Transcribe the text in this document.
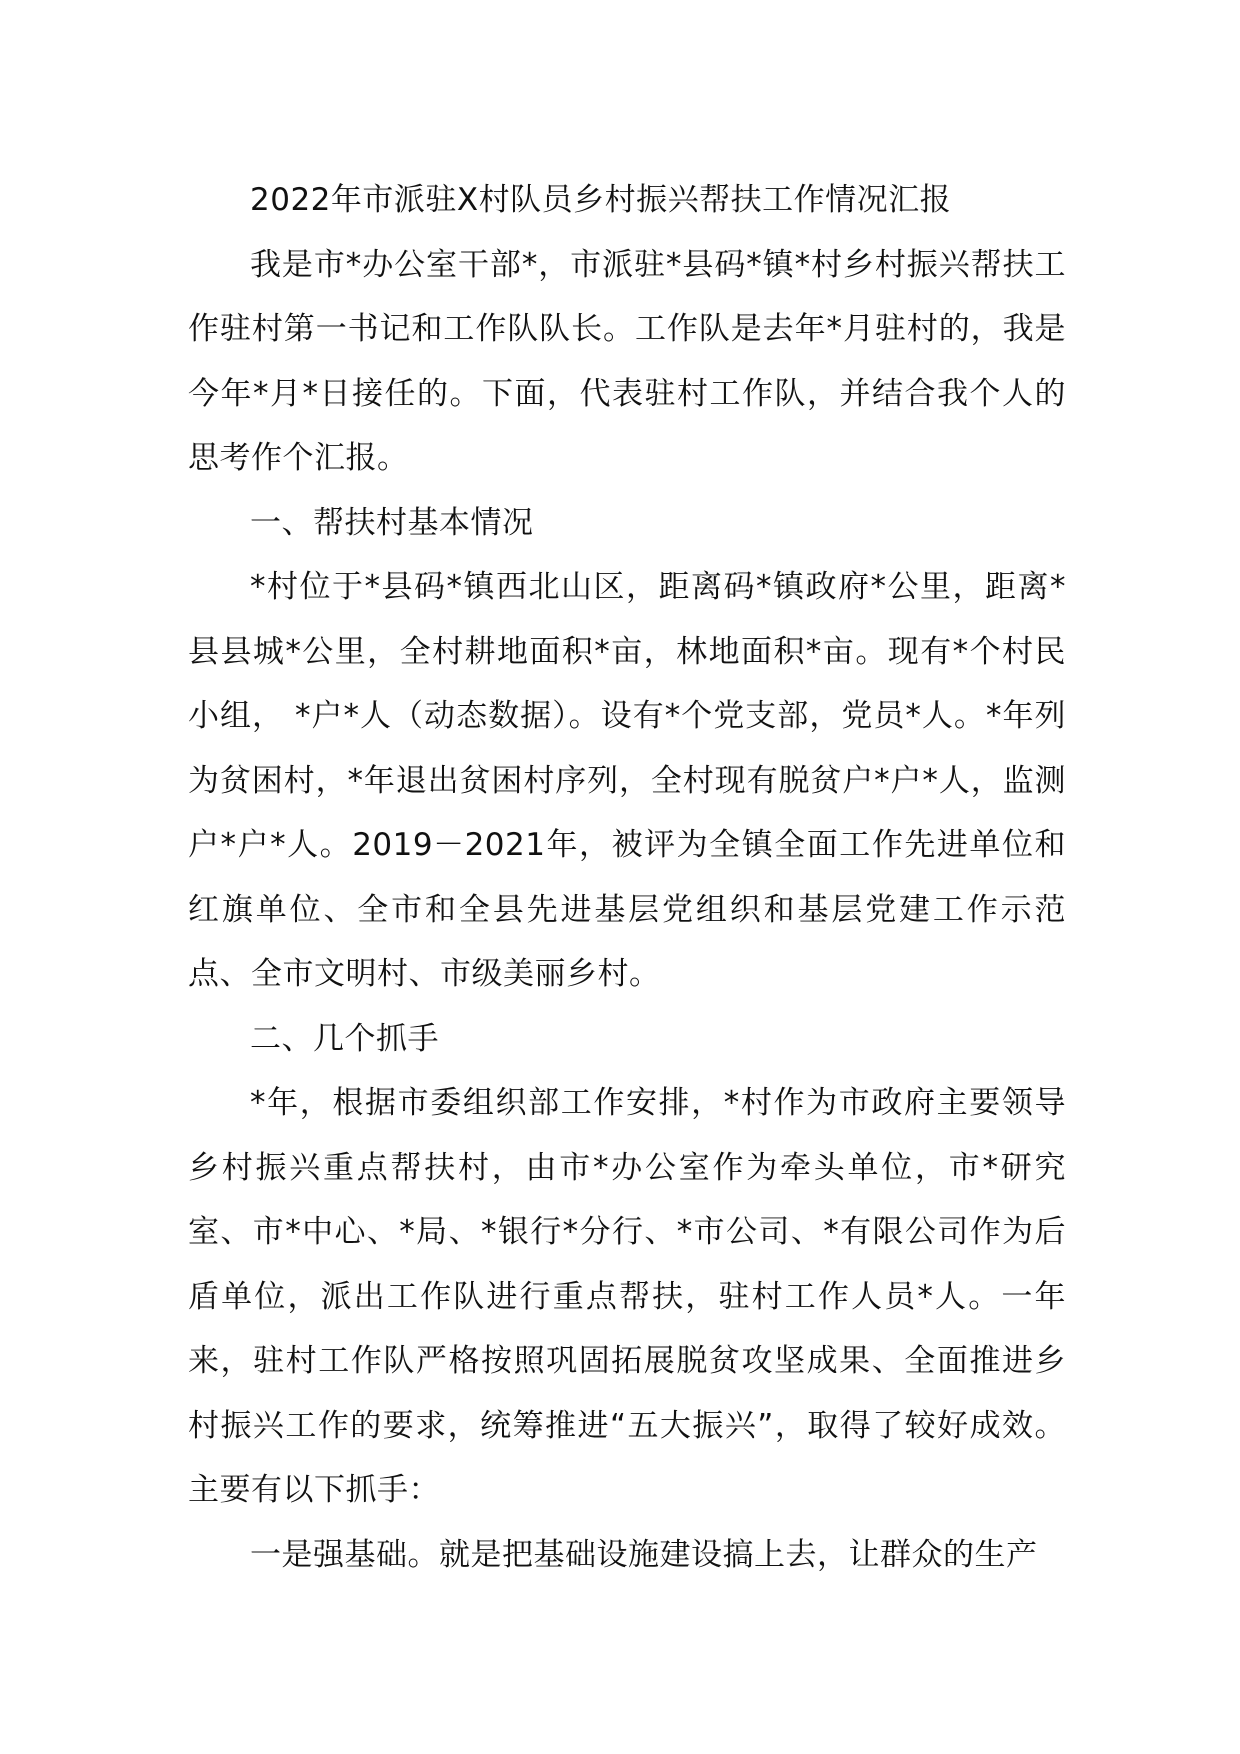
2022年市派驻X村队员乡村振兴帮扶工作情况汇报

我是市*办公室干部*，市派驻*县码*镇*村乡村振兴帮扶工作驻村第一书记和工作队队长。工作队是去年*月驻村的，我是今年*月*日接任的。下面，代表驻村工作队，并结合我个人的思考作个汇报。

一、帮扶村基本情况

*村位于*县码*镇西北山区，距离码*镇政府*公里，距离*县县城*公里，全村耕地面积*亩，林地面积*亩。现有*个村民小组， *户*人（动态数据）。设有*个党支部，党员*人。*年列为贫困村，*年退出贫困村序列，全村现有脱贫户*户*人，监测户*户*人。2019－2021年，被评为全镇全面工作先进单位和红旗单位、全市和全县先进基层党组织和基层党建工作示范点、全市文明村、市级美丽乡村。

二、几个抓手

*年，根据市委组织部工作安排，*村作为市政府主要领导乡村振兴重点帮扶村，由市*办公室作为牵头单位，市*研究室、市*中心、*局、*银行*分行、*市公司、*有限公司作为后盾单位，派出工作队进行重点帮扶，驻村工作人员*人。一年来，驻村工作队严格按照巩固拓展脱贫攻坚成果、全面推进乡村振兴工作的要求，统筹推进“五大振兴”，取得了较好成效。主要有以下抓手：

一是强基础。就是把基础设施建设搞上去，让群众的生产
